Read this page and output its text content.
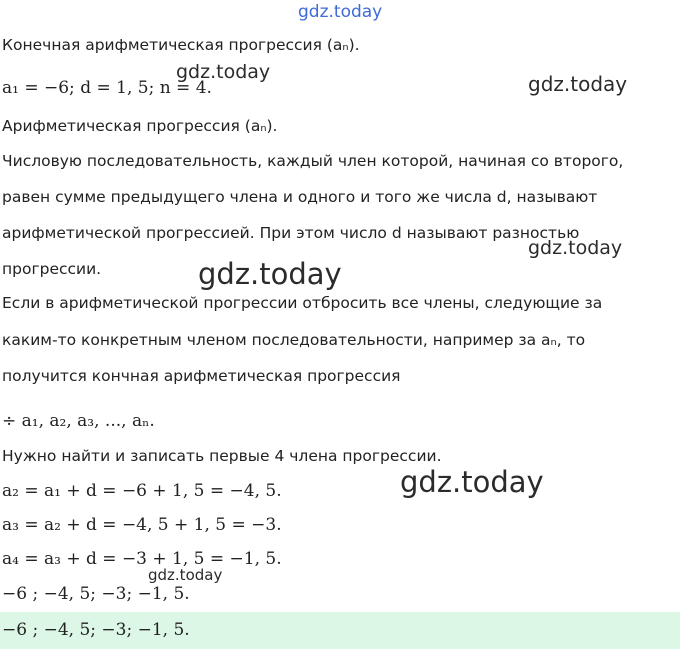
gdz.today
gdz.today	gdz.today
gdz.today
gdz.today
gdz.today
gdz.today
Конечная арифметическая прогрессия (aₙ).
a₁ = −6; d = 1, 5; n = 4.
Арифметическая прогрессия (aₙ).
Числовую последовательность, каждый член которой, начиная со второго,
равен сумме предыдущего члена и одного и того же числа d, называют
арифметической прогрессией. При этом число d называют разностью
прогрессии.
Если в арифметической прогрессии отбросить все члены, следующие за
каким-то конкретным членом последовательности, например за aₙ, то
получится кончная арифметическая прогрессия
÷ a₁, a₂, a₃, ..., aₙ.
Нужно найти и записать первые 4 члена прогрессии.
a₂ = a₁ + d = −6 + 1, 5 = −4, 5.
a₃ = a₂ + d = −4, 5 + 1, 5 = −3.
a₄ = a₃ + d = −3 + 1, 5 = −1, 5.
−6 ; −4, 5; −3; −1, 5.
−6 ; −4, 5; −3; −1, 5.
